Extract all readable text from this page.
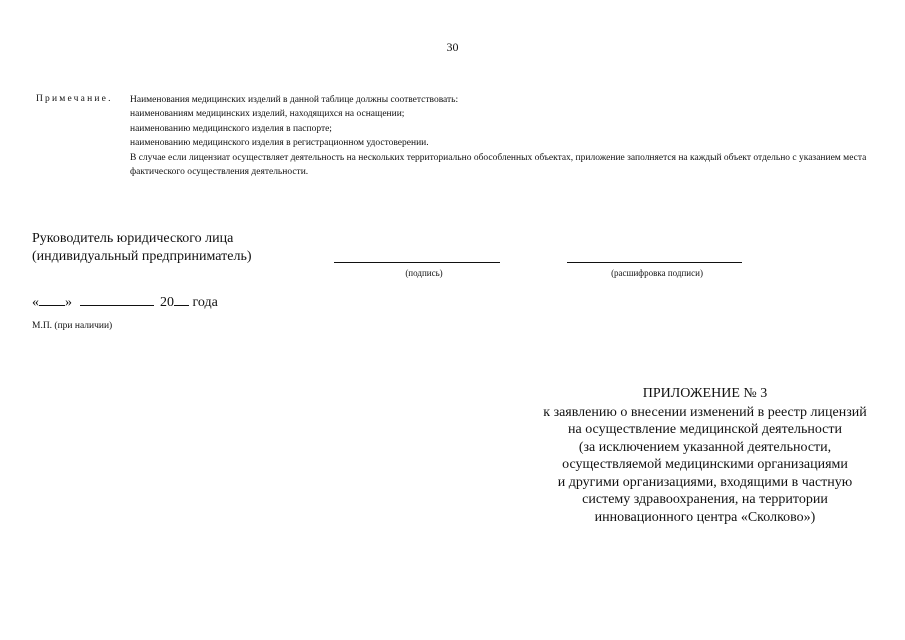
30
Примечание. Наименования медицинских изделий в данной таблице должны соответствовать:
наименованиям медицинских изделий, находящихся на оснащении;
наименованию медицинского изделия в паспорте;
наименованию медицинского изделия в регистрационном удостоверении.
В случае если лицензиат осуществляет деятельность на нескольких территориально обособленных объектах, приложение заполняется на каждый объект отдельно с указанием места фактического осуществления деятельности.
Руководитель юридического лица
(индивидуальный предприниматель)
(подпись)	(расшифровка подписи)
« »	20 года
М.П. (при наличии)
ПРИЛОЖЕНИЕ № 3
к заявлению о внесении изменений в реестр лицензий
на осуществление медицинской деятельности
(за исключением указанной деятельности,
осуществляемой медицинскими организациями
и другими организациями, входящими в частную
систему здравоохранения, на территории
инновационного центра «Сколково»)
